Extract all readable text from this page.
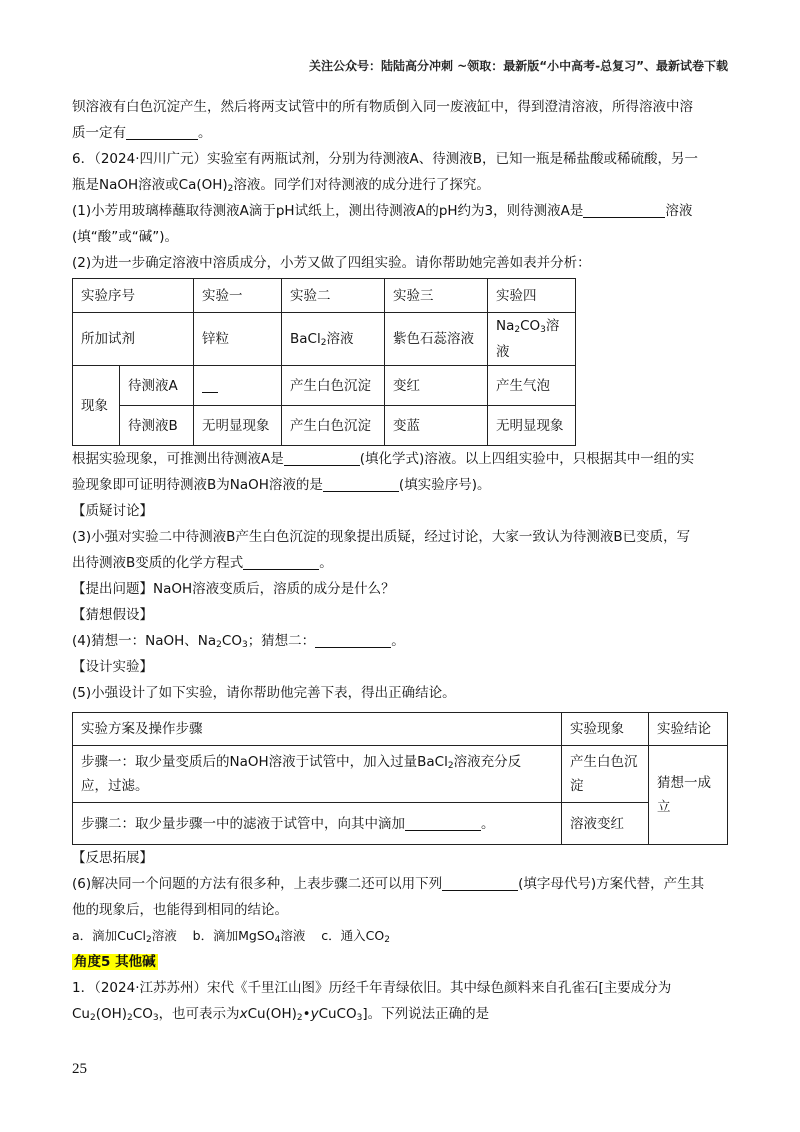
关注公众号：陆陆高分冲刺 ~领取：最新版“小中高考-总复习”、最新试卷下载
钡溶液有白色沉淀产生，然后将两支试管中的所有物质倒入同一废液缸中，得到澄清溶液，所得溶液中溶
质一定有	。
6．（2024·四川广元）实验室有两瓶试剂，分别为待测液A、待测液B，已知一瓶是稀盐酸或稀硫酸，另一
瓶是NaOH溶液或$Ca(OH)_2$溶液。同学们对待测液的成分进行了探究。
(1)小芳用玻璃棒蘸取待测液A滴于pH试纸上，测出待测液A的pH约为3，则待测液A是	溶液
(填“酸”或“碱”)。
(2)为进一步确定溶液中溶质成分，小芳又做了四组实验。请你帮助她完善如表并分析：
实验序号		实验一	实验二	实验三	实验四
所加试剂		锌粒	BaCl$_2$溶液	紫色石蕊溶液	$Na_2CO_3$溶液
现象	待测液A		产生白色沉淀	变红	产生气泡
	待测液B	无明显现象	产生白色沉淀	变蓝	无明显现象
根据实验现象，可推测出待测液A是	(填化学式)溶液。以上四组实验中，只根据其中一组的实
验现象即可证明待测液B为NaOH溶液的是	(填实验序号)。
【质疑讨论】
(3)小强对实验二中待测液B产生白色沉淀的现象提出质疑，经过讨论，大家一致认为待测液B已变质，写
出待测液B变质的化学方程式	。
【提出问题】NaOH溶液变质后，溶质的成分是什么？
【猜想假设】
(4)猜想一：NaOH、$Na_2CO_3$；猜想二：	。
【设计实验】
(5)小强设计了如下实验，请你帮助他完善下表，得出正确结论。
实验方案及操作步骤	实验现象	实验结论
步骤一：取少量变质后的NaOH溶液于试管中，加入过量BaCl$_2$溶液充分反
应，过滤。	产生白色沉淀	猜想一成立
步骤二：取少量步骤一中的滤液于试管中，向其中滴加 。	溶液变红	
【反思拓展】
(6)解决同一个问题的方法有很多种，上表步骤二还可以用下列	(填字母代号)方案代替，产生其
他的现象后，也能得到相同的结论。
a．滴加CuCl$_2$溶液 b．滴加MgSO$_4$溶液 c．通入$CO_2$
角度5 其他碱
1．（2024·江苏苏州）宋代《千里江山图》历经千年青绿依旧。其中绿色颜料来自孔雀石[主要成分为
$Cu_2(OH)_2CO_3$，也可表示为$xCu(OH)_2•yCuCO_3$]。下列说法正确的是
25
